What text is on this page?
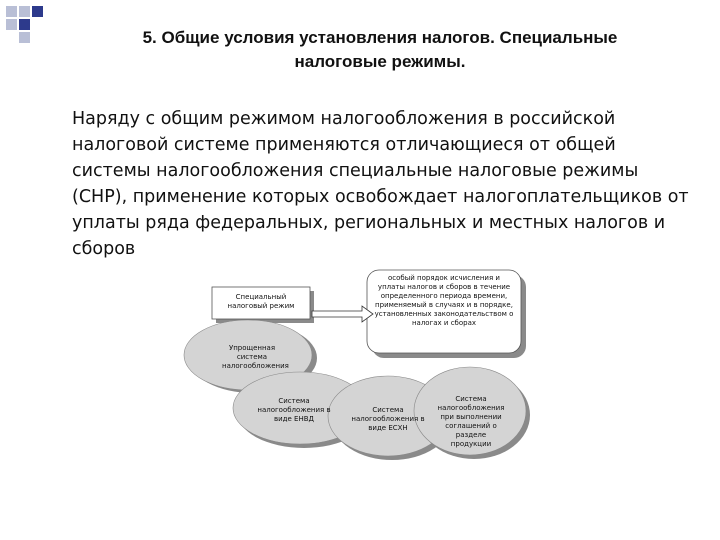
5. Общие условия установления налогов. Специальные
налоговые режимы.
Наряду с общим режимом налогообложения в российской налоговой системе применяются отличающиеся от общей системы налогообложения специальные налоговые режимы (СНР), применение которых освобождает налогоплательщиков от уплаты ряда федеральных, региональных и местных налогов и сборов
Специальный налоговый режим
особый порядок исчисления и уплаты налогов и сборов в течение определенного периода времени, применяемый в случаях и в порядке, установленных законодательством о налогах и сборах
Упрощенная система налогообложения
Система налогообложения в виде ЕНВД
Система налогообложения в виде ЕСХН
Система налогообложения при выполнении соглашений о разделе продукции
